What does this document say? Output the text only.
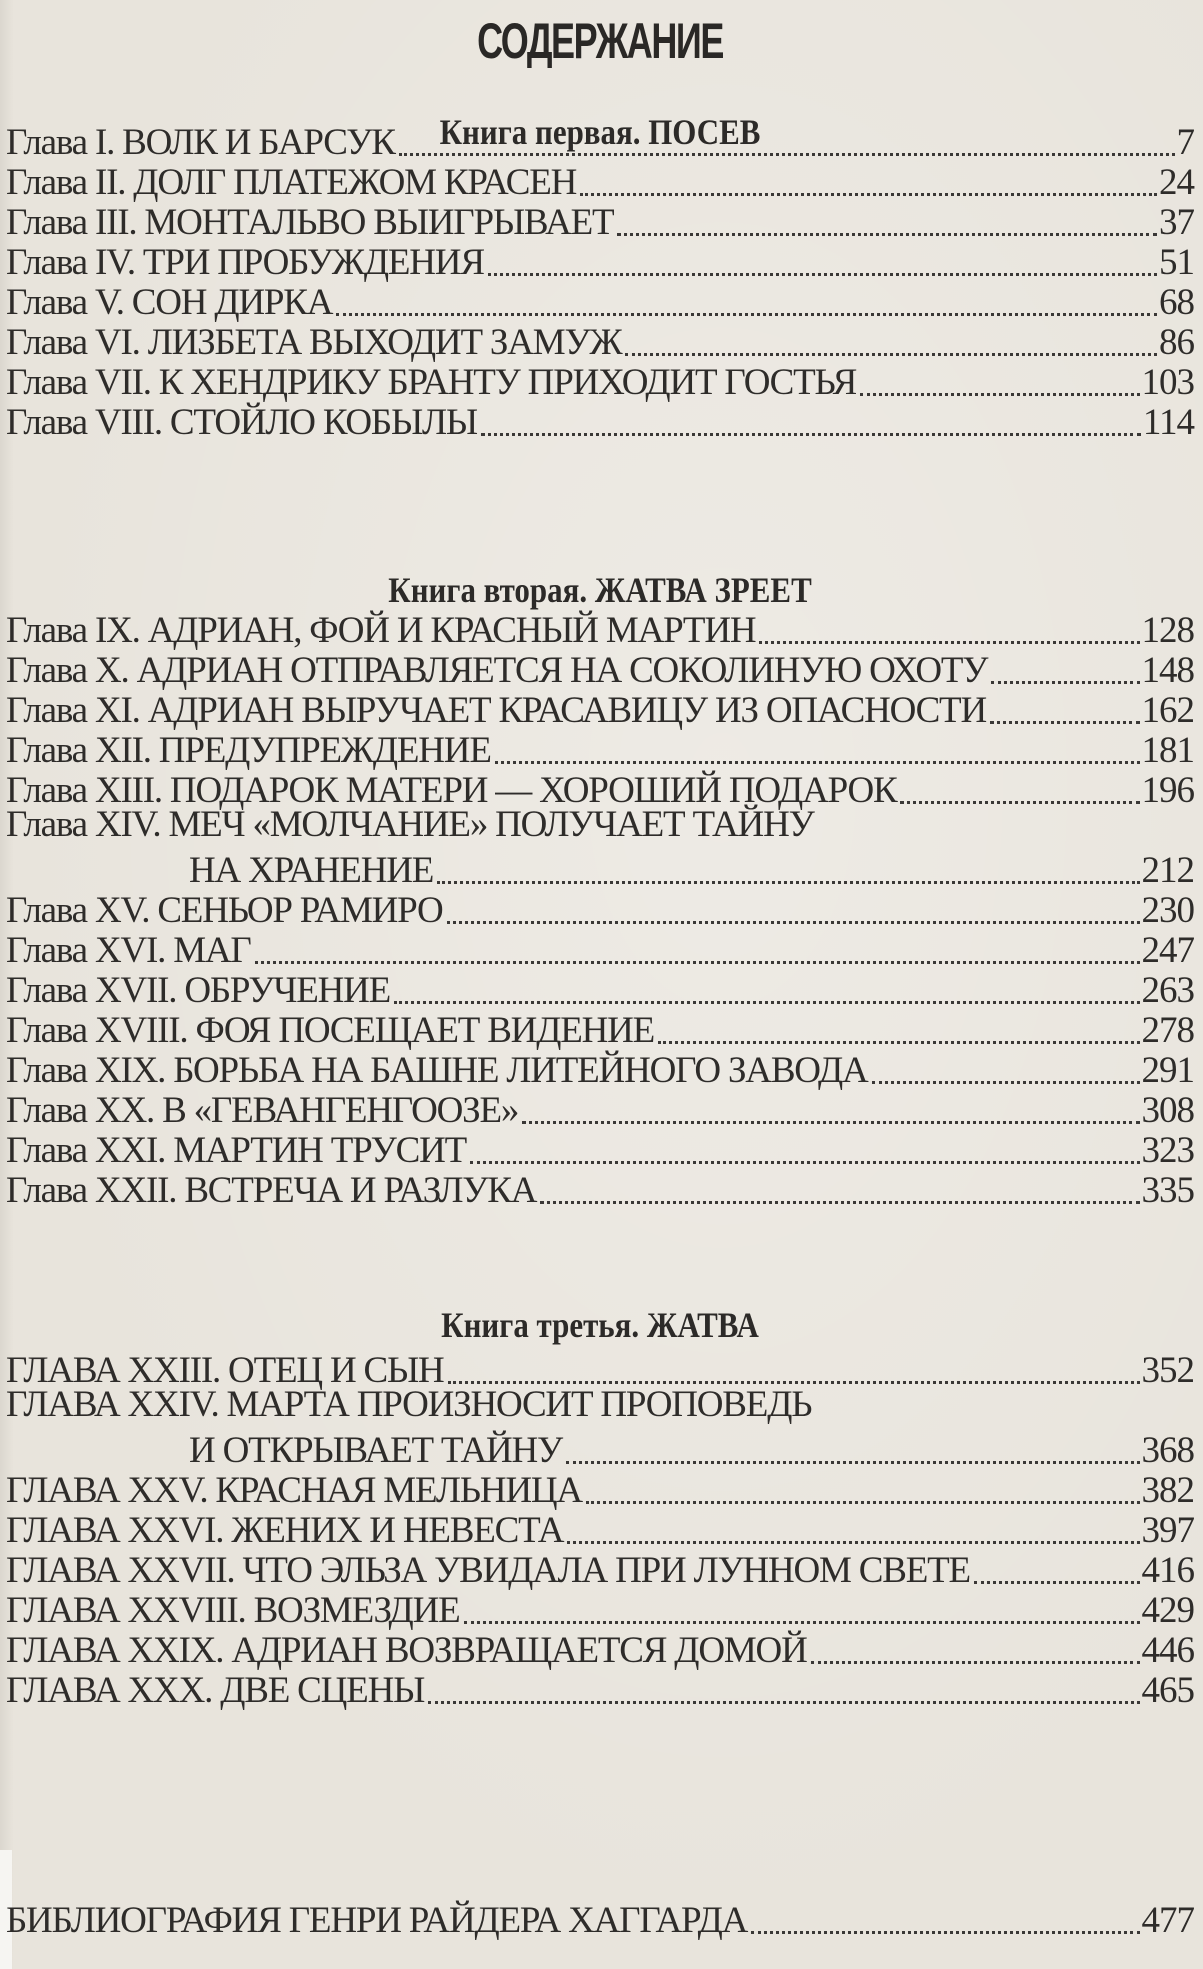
СОДЕРЖАНИЕ
Книга первая. ПОСЕВ
Глава I. ВОЛК И БАРСУК	7
Глава II. ДОЛГ ПЛАТЕЖОМ КРАСЕН	24
Глава III. МОНТАЛЬВО ВЫИГРЫВАЕТ	37
Глава IV. ТРИ ПРОБУЖДЕНИЯ	51
Глава V. СОН ДИРКА	68
Глава VI. ЛИЗБЕТА ВЫХОДИТ ЗАМУЖ	86
Глава VII. К ХЕНДРИКУ БРАНТУ ПРИХОДИТ ГОСТЬЯ	103
Глава VIII. СТОЙЛО КОБЫЛЫ	114
Книга вторая. ЖАТВА ЗРЕЕТ
Глава IX. АДРИАН, ФОЙ И КРАСНЫЙ МАРТИН	128
Глава X. АДРИАН ОТПРАВЛЯЕТСЯ НА СОКОЛИНУЮ ОХОТУ	148
Глава XI. АДРИАН ВЫРУЧАЕТ КРАСАВИЦУ ИЗ ОПАСНОСТИ	162
Глава XII. ПРЕДУПРЕЖДЕНИЕ	181
Глава XIII. ПОДАРОК МАТЕРИ — ХОРОШИЙ ПОДАРОК	196
Глава XIV. МЕЧ «МОЛЧАНИЕ» ПОЛУЧАЕТ ТАЙНУ
НА ХРАНЕНИЕ	212
Глава XV. СЕНЬОР РАМИРО	230
Глава XVI. МАГ	247
Глава XVII. ОБРУЧЕНИЕ	263
Глава XVIII. ФОЯ ПОСЕЩАЕТ ВИДЕНИЕ	278
Глава XIX. БОРЬБА НА БАШНЕ ЛИТЕЙНОГО ЗАВОДА	291
Глава XX. В «ГЕВАНГЕНГООЗЕ»	308
Глава XXI. МАРТИН ТРУСИТ	323
Глава XXII. ВСТРЕЧА И РАЗЛУКА	335
Книга третья. ЖАТВА
ГЛАВА XXIII. ОТЕЦ И СЫН	352
ГЛАВА XXIV. МАРТА ПРОИЗНОСИТ ПРОПОВЕДЬ
И ОТКРЫВАЕТ ТАЙНУ	368
ГЛАВА XXV. КРАСНАЯ МЕЛЬНИЦА	382
ГЛАВА XXVI. ЖЕНИХ И НЕВЕСТА	397
ГЛАВА XXVII. ЧТО ЭЛЬЗА УВИДАЛА ПРИ ЛУННОМ СВЕТЕ	416
ГЛАВА XXVIII. ВОЗМЕЗДИЕ	429
ГЛАВА XXIX. АДРИАН ВОЗВРАЩАЕТСЯ ДОМОЙ	446
ГЛАВА XXX. ДВЕ СЦЕНЫ	465
БИБЛИОГРАФИЯ ГЕНРИ РАЙДЕРА ХАГГАРДА	477
